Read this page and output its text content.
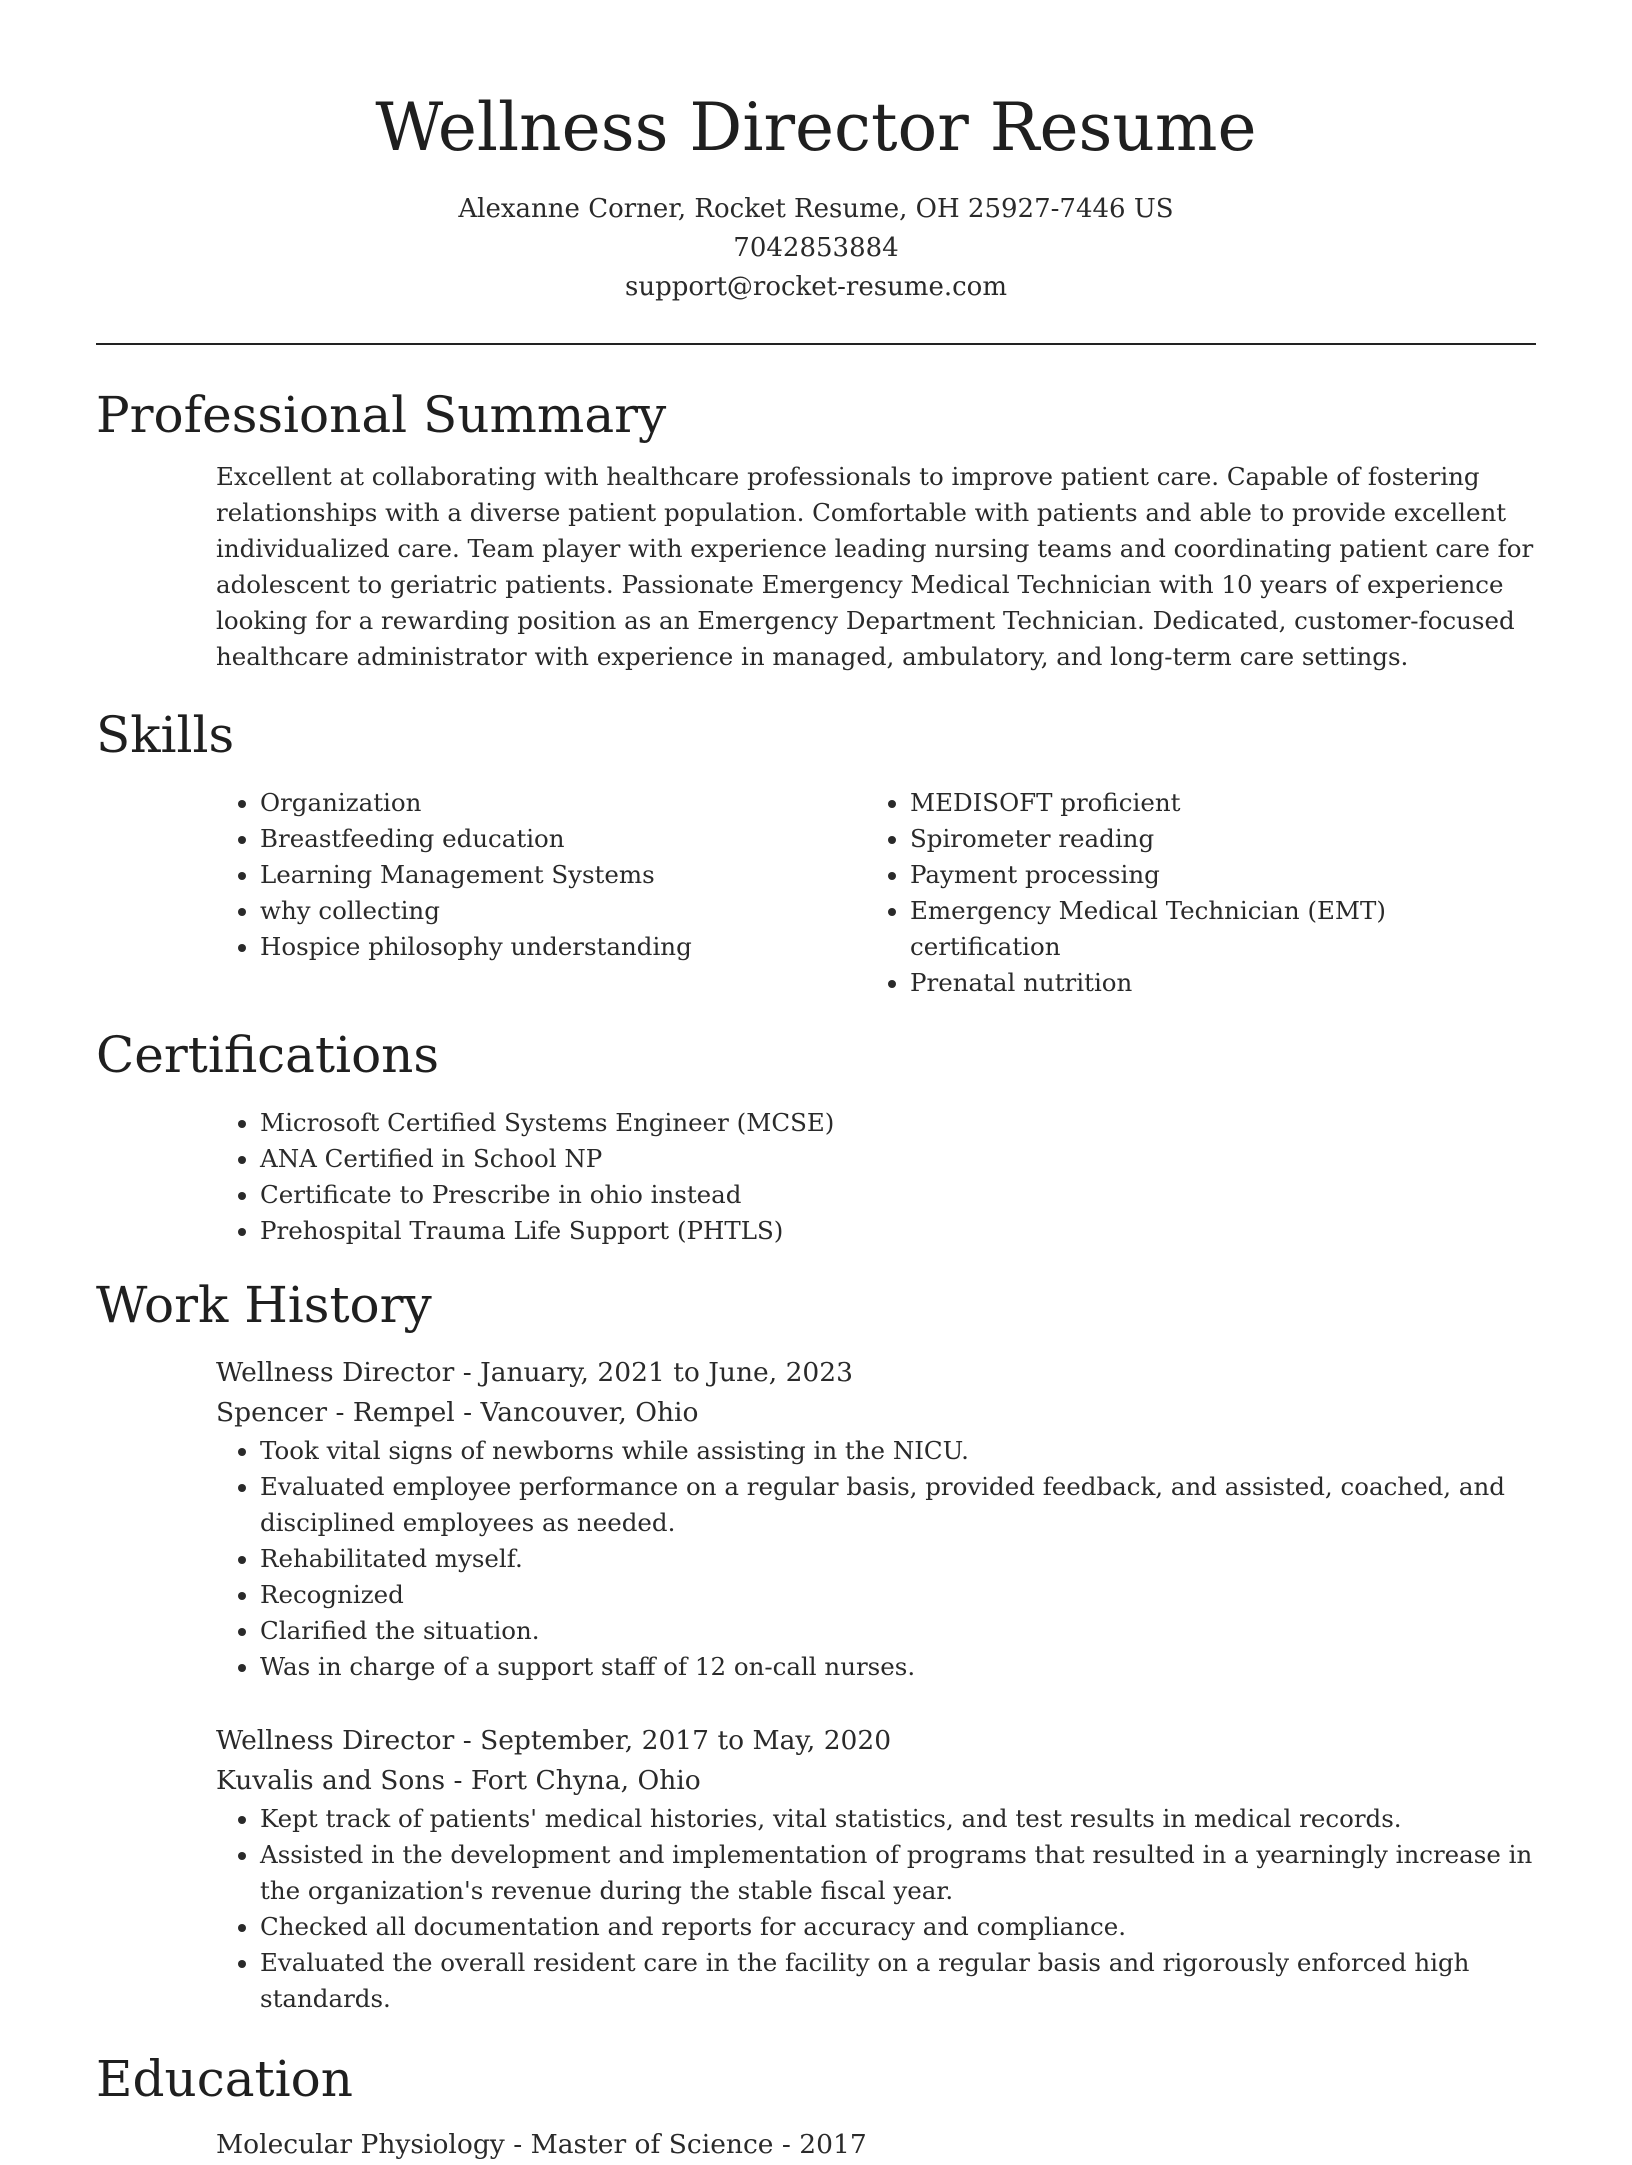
Wellness Director Resume
Alexanne Corner, Rocket Resume, OH 25927-7446 US
7042853884
support@rocket-resume.com
Professional Summary

Excellent at collaborating with healthcare professionals to improve patient care. Capable of fostering relationships with a diverse patient population. Comfortable with patients and able to provide excellent individualized care. Team player with experience leading nursing teams and coordinating patient care for adolescent to geriatric patients. Passionate Emergency Medical Technician with 10 years of experience looking for a rewarding position as an Emergency Department Technician. Dedicated, customer-focused healthcare administrator with experience in managed, ambulatory, and long-term care settings.

Skills
• Organization
• Breastfeeding education
• Learning Management Systems
• why collecting
• Hospice philosophy understanding
• MEDISOFT proficient
• Spirometer reading
• Payment processing
• Emergency Medical Technician (EMT) certification
• Prenatal nutrition
Certifications
• Microsoft Certified Systems Engineer (MCSE)
• ANA Certified in School NP
• Certificate to Prescribe in ohio instead
• Prehospital Trauma Life Support (PHTLS)
Work History
Wellness Director - January, 2021 to June, 2023
Spencer - Rempel - Vancouver, Ohio
• Took vital signs of newborns while assisting in the NICU.
• Evaluated employee performance on a regular basis, provided feedback, and assisted, coached, and disciplined employees as needed.
• Rehabilitated myself.
• Recognized
• Clarified the situation.
• Was in charge of a support staff of 12 on-call nurses.
Wellness Director - September, 2017 to May, 2020
Kuvalis and Sons - Fort Chyna, Ohio
• Kept track of patients' medical histories, vital statistics, and test results in medical records.
• Assisted in the development and implementation of programs that resulted in a yearningly increase in the organization's revenue during the stable fiscal year.
• Checked all documentation and reports for accuracy and compliance.
• Evaluated the overall resident care in the facility on a regular basis and rigorously enforced high standards.
Education
Molecular Physiology - Master of Science - 2017
